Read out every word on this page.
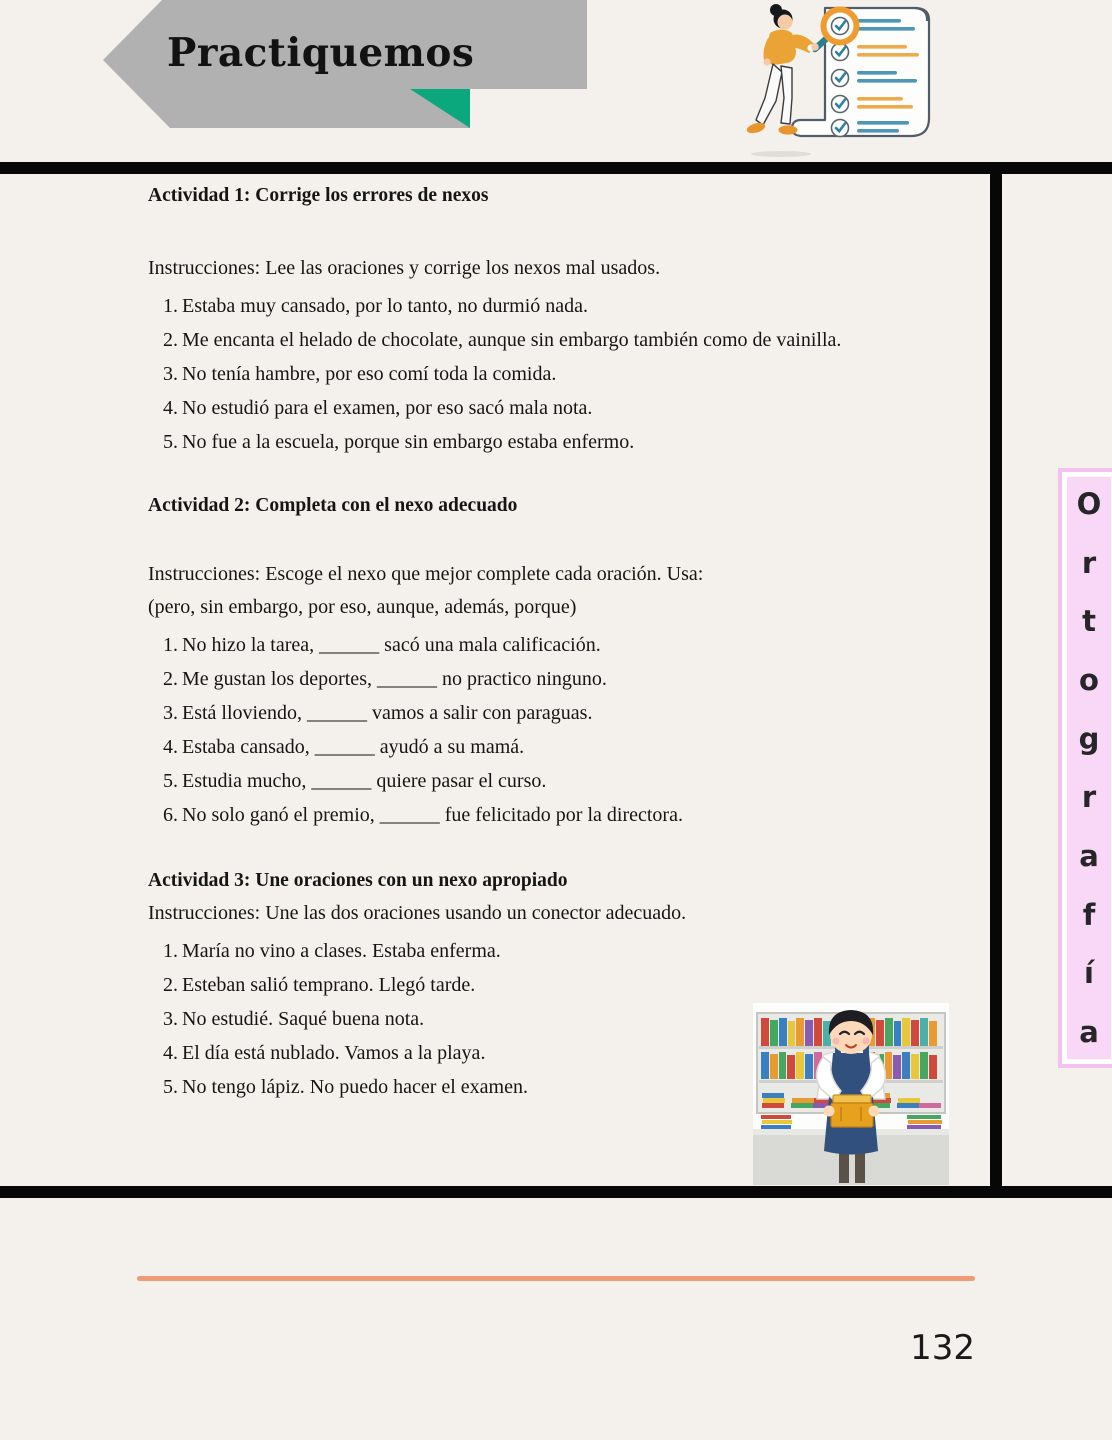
Practiquemos
Actividad 1: Corrige los errores de nexos

Instrucciones: Lee las oraciones y corrige los nexos mal usados.

1. Estaba muy cansado, por lo tanto, no durmió nada.
2. Me encanta el helado de chocolate, aunque sin embargo también como de vainilla.
3. No tenía hambre, por eso comí toda la comida.
4. No estudió para el examen, por eso sacó mala nota.
5. No fue a la escuela, porque sin embargo estaba enfermo.
Actividad 2: Completa con el nexo adecuado

Instrucciones: Escoge el nexo que mejor complete cada oración. Usa:

(pero, sin embargo, por eso, aunque, además, porque)

1. No hizo la tarea, ______ sacó una mala calificación.
2. Me gustan los deportes, ______ no practico ninguno.
3. Está lloviendo, ______ vamos a salir con paraguas.
4. Estaba cansado, ______ ayudó a su mamá.
5. Estudia mucho, ______ quiere pasar el curso.
6. No solo ganó el premio, ______ fue felicitado por la directora.
Actividad 3: Une oraciones con un nexo apropiado

Instrucciones: Une las dos oraciones usando un conector adecuado.

1. María no vino a clases. Estaba enferma.
2. Esteban salió temprano. Llegó tarde.
3. No estudié. Saqué buena nota.
4. El día está nublado. Vamos a la playa.
5. No tengo lápiz. No puedo hacer el examen.
O
r
t
o
g
r
a
f
í
a
132
